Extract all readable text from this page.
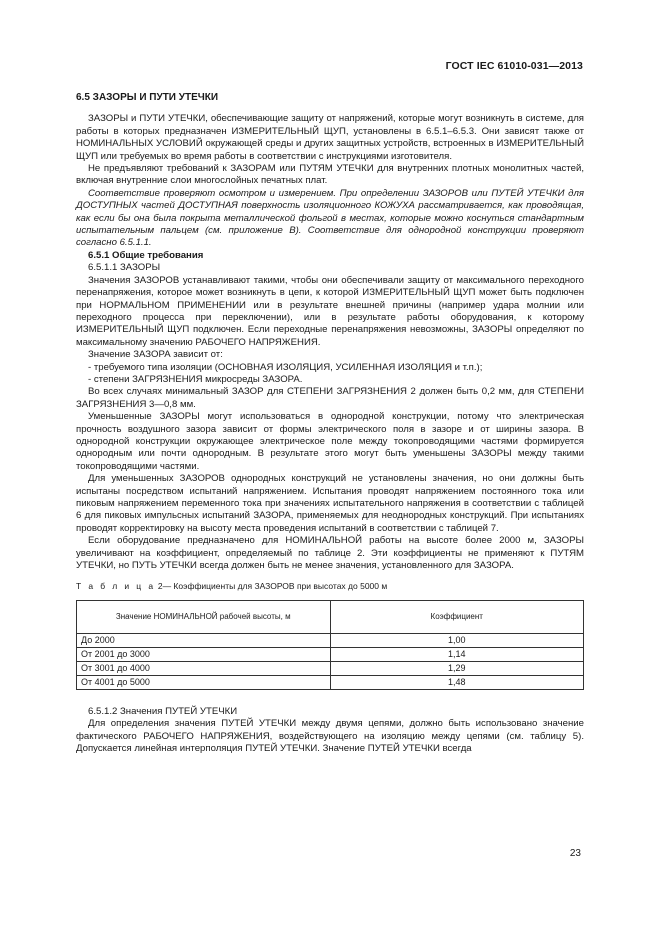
ГОСТ IEC 61010-031—2013
6.5 ЗАЗОРЫ И ПУТИ УТЕЧКИ

ЗАЗОРЫ и ПУТИ УТЕЧКИ, обеспечивающие защиту от напряжений, которые могут возникнуть в системе, для работы в которых предназначен ИЗМЕРИТЕЛЬНЫЙ ЩУП, установлены в 6.5.1–6.5.3. Они зависят также от НОМИНАЛЬНЫХ УСЛОВИЙ окружающей среды и других защитных устройств, встроенных в ИЗМЕРИТЕЛЬНЫЙ ЩУП или требуемых во время работы в соответствии с инструкциями изготовителя.

Не предъявляют требований к ЗАЗОРАМ или ПУТЯМ УТЕЧКИ для внутренних плотных монолитных частей, включая внутренние слои многослойных печатных плат.

Соответствие проверяют осмотром и измерением. При определении ЗАЗОРОВ или ПУТЕЙ УТЕЧКИ для ДОСТУПНЫХ частей ДОСТУПНАЯ поверхность изоляционного КОЖУХА рассматривается, как проводящая, как если бы она была покрыта металлической фольгой в местах, которые можно коснуться стандартным испытательным пальцем (см. приложение В). Соответствие для однородной конструкции проверяют согласно 6.5.1.1.

6.5.1 Общие требования

6.5.1.1 ЗАЗОРЫ

Значения ЗАЗОРОВ устанавливают такими, чтобы они обеспечивали защиту от максимального переходного перенапряжения, которое может возникнуть в цепи, к которой ИЗМЕРИТЕЛЬНЫЙ ЩУП может быть подключен при НОРМАЛЬНОМ ПРИМЕНЕНИИ или в результате внешней причины (например удара молнии или переходного процесса при переключении), или в результате работы оборудования, к которому ИЗМЕРИТЕЛЬНЫЙ ЩУП подключен. Если переходные перенапряжения невозможны, ЗАЗОРЫ определяют по максимальному значению РАБОЧЕГО НАПРЯЖЕНИЯ.

Значение ЗАЗОРА зависит от:

- требуемого типа изоляции (ОСНОВНАЯ ИЗОЛЯЦИЯ, УСИЛЕННАЯ ИЗОЛЯЦИЯ и т.п.);

- степени ЗАГРЯЗНЕНИЯ микросреды ЗАЗОРА.

Во всех случаях минимальный ЗАЗОР для СТЕПЕНИ ЗАГРЯЗНЕНИЯ 2 должен быть 0,2 мм, для СТЕПЕНИ ЗАГРЯЗНЕНИЯ 3—0,8 мм.

Уменьшенные ЗАЗОРЫ могут использоваться в однородной конструкции, потому что электрическая прочность воздушного зазора зависит от формы электрического поля в зазоре и от ширины зазора. В однородной конструкции окружающее электрическое поле между токопроводящими частями формируется однородным или почти однородным. В результате этого могут быть уменьшены ЗАЗОРЫ между такими токопроводящими частями.

Для уменьшенных ЗАЗОРОВ однородных конструкций не установлены значения, но они должны быть испытаны посредством испытаний напряжением. Испытания проводят напряжением постоянного тока или пиковым напряжением переменного тока при значениях испытательного напряжения в соответствии с таблицей 6 для пиковых импульсных испытаний ЗАЗОРА, применяемых для неоднородных конструкций. При испытаниях проводят корректировку на высоту места проведения испытаний в соответствии с таблицей 7.

Если оборудование предназначено для НОМИНАЛЬНОЙ работы на высоте более 2000 м, ЗАЗОРЫ увеличивают на коэффициент, определяемый по таблице 2. Эти коэффициенты не применяют к ПУТЯМ УТЕЧКИ, но ПУТЬ УТЕЧКИ всегда должен быть не менее значения, установленного для ЗАЗОРА.

Т а б л и ц а 2— Коэффициенты для ЗАЗОРОВ при высотах до 5000 м
Значение НОМИНАЛЬНОЙ рабочей высоты, м	Коэффициент
До 2000	1,00
От 2001 до 3000	1,14
От 3001 до 4000	1,29
От 4001 до 5000	1,48

6.5.1.2 Значения ПУТЕЙ УТЕЧКИ

Для определения значения ПУТЕЙ УТЕЧКИ между двумя цепями, должно быть использовано значение фактического РАБОЧЕГО НАПРЯЖЕНИЯ, воздействующего на изоляцию между цепями (см. таблицу 5). Допускается линейная интерполяция ПУТЕЙ УТЕЧКИ. Значение ПУТЕЙ УТЕЧКИ всегда

23
